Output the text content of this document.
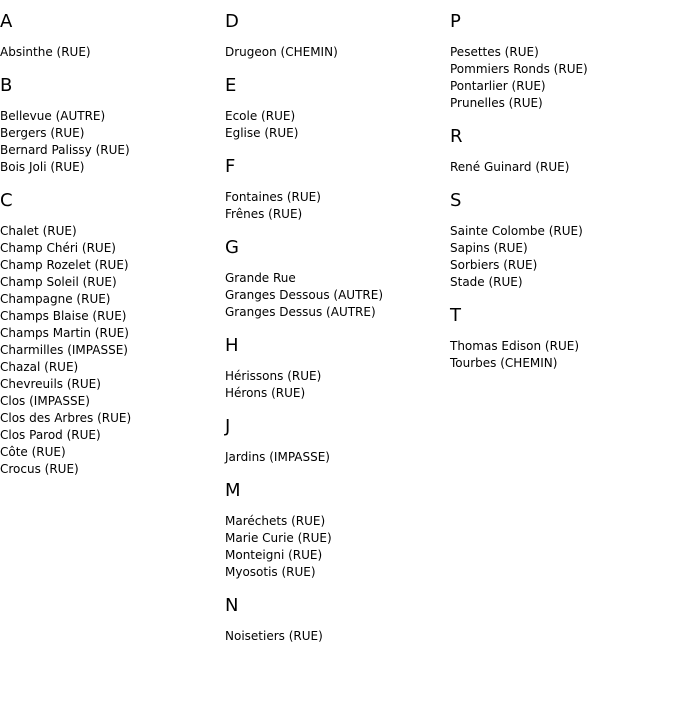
A
Absinthe (RUE)
B
Bellevue (AUTRE)
Bergers (RUE)
Bernard Palissy (RUE)
Bois Joli (RUE)
C
Chalet (RUE)
Champ Chéri (RUE)
Champ Rozelet (RUE)
Champ Soleil (RUE)
Champagne (RUE)
Champs Blaise (RUE)
Champs Martin (RUE)
Charmilles (IMPASSE)
Chazal (RUE)
Chevreuils (RUE)
Clos (IMPASSE)
Clos des Arbres (RUE)
Clos Parod (RUE)
Côte (RUE)
Crocus (RUE)
D
Drugeon (CHEMIN)
E
Ecole (RUE)
Eglise (RUE)
F
Fontaines (RUE)
Frênes (RUE)
G
Grande Rue
Granges Dessous (AUTRE)
Granges Dessus (AUTRE)
H
Hérissons (RUE)
Hérons (RUE)
J
Jardins (IMPASSE)
M
Maréchets (RUE)
Marie Curie (RUE)
Monteigni (RUE)
Myosotis (RUE)
N
Noisetiers (RUE)
P
Pesettes (RUE)
Pommiers Ronds (RUE)
Pontarlier (RUE)
Prunelles (RUE)
R
René Guinard (RUE)
S
Sainte Colombe (RUE)
Sapins (RUE)
Sorbiers (RUE)
Stade (RUE)
T
Thomas Edison (RUE)
Tourbes (CHEMIN)
